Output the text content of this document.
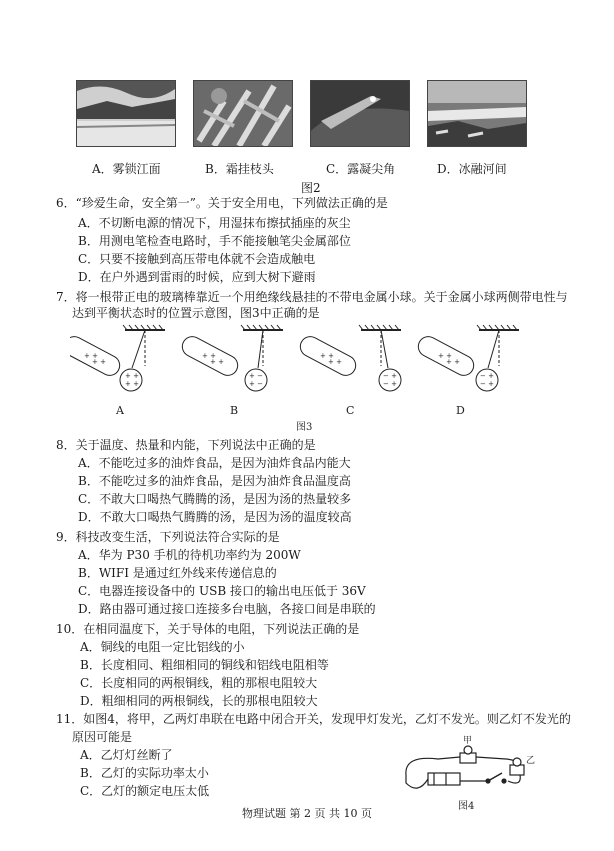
A．雾锁江面	B．霜挂枝头	C．露凝尖角	D．冰融河间
图2
6．“珍爱生命，安全第一”。关于安全用电，下列做法正确的是
A．不切断电源的情况下，用湿抹布擦拭插座的灰尘
B．用测电笔检查电路时，手不能接触笔尖金属部位
C．只要不接触到高压带电体就不会造成触电
D．在户外遇到雷雨的时候，应到大树下避雨
7．将一根带正电的玻璃棒靠近一个用绝缘线悬挂的不带电金属小球。关于金属小球两侧带电性与
达到平衡状态时的位置示意图，图3中正确的是
+ +
+ +
+ +
+ +
A
+ −
+ −
+ +
+ +
B
− +
− +
+ +
+ +
C
− +
− +
+ +
+ +
D
图3
8．关于温度、热量和内能，下列说法中正确的是
A．不能吃过多的油炸食品，是因为油炸食品内能大
B．不能吃过多的油炸食品，是因为油炸食品温度高
C．不敢大口喝热气腾腾的汤，是因为汤的热量较多
D．不敢大口喝热气腾腾的汤，是因为汤的温度较高
9．科技改变生活，下列说法符合实际的是
A．华为 P30 手机的待机功率约为 200W
B．WIFI 是通过红外线来传递信息的
C．电器连接设备中的 USB 接口的输出电压低于 36V
D．路由器可通过接口连接多台电脑，各接口间是串联的
10．在相同温度下，关于导体的电阻，下列说法正确的是
A．铜线的电阻一定比铝线的小
B．长度相同、粗细相同的铜线和铝线电阻相等
C．长度相同的两根铜线，粗的那根电阻较大
D．粗细相同的两根铜线，长的那根电阻较大
11．如图4，将甲，乙两灯串联在电路中闭合开关，发现甲灯发光，乙灯不发光。则乙灯不发光的
原因可能是
A．乙灯灯丝断了
B．乙灯的实际功率太小
C．乙灯的额定电压太低
甲
乙
图4
物理试题 第 2 页 共 10 页
